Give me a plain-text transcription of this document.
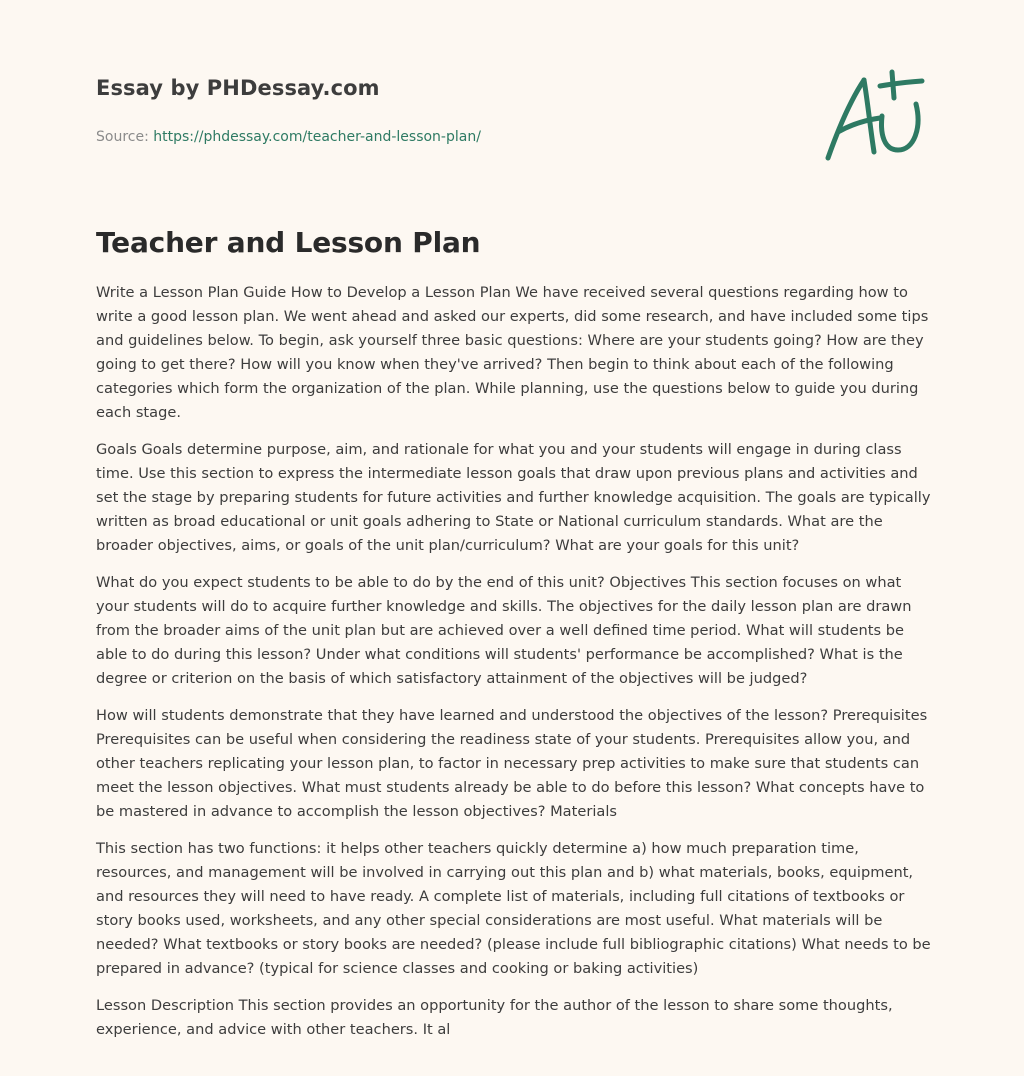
Essay by PHDessay.com
Source: https://phdessay.com/teacher-and-lesson-plan/
Teacher and Lesson Plan

Write a Lesson Plan Guide How to Develop a Lesson Plan We have received several questions regarding how to write a good lesson plan. We went ahead and asked our experts, did some research, and have included some tips and guidelines below. To begin, ask yourself three basic questions: Where are your students going? How are they going to get there? How will you know when they've arrived? Then begin to think about each of the following categories which form the organization of the plan. While planning, use the questions below to guide you during each stage.

Goals Goals determine purpose, aim, and rationale for what you and your students will engage in during class time. Use this section to express the intermediate lesson goals that draw upon previous plans and activities and set the stage by preparing students for future activities and further knowledge acquisition. The goals are typically written as broad educational or unit goals adhering to State or National curriculum standards. What are the broader objectives, aims, or goals of the unit plan/curriculum? What are your goals for this unit?

What do you expect students to be able to do by the end of this unit? Objectives This section focuses on what your students will do to acquire further knowledge and skills. The objectives for the daily lesson plan are drawn from the broader aims of the unit plan but are achieved over a well defined time period. What will students be able to do during this lesson? Under what conditions will students' performance be accomplished? What is the degree or criterion on the basis of which satisfactory attainment of the objectives will be judged?

How will students demonstrate that they have learned and understood the objectives of the lesson? Prerequisites Prerequisites can be useful when considering the readiness state of your students. Prerequisites allow you, and other teachers replicating your lesson plan, to factor in necessary prep activities to make sure that students can meet the lesson objectives. What must students already be able to do before this lesson? What concepts have to be mastered in advance to accomplish the lesson objectives? Materials

This section has two functions: it helps other teachers quickly determine a) how much preparation time, resources, and management will be involved in carrying out this plan and b) what materials, books, equipment, and resources they will need to have ready. A complete list of materials, including full citations of textbooks or story books used, worksheets, and any other special considerations are most useful. What materials will be needed? What textbooks or story books are needed? (please include full bibliographic citations) What needs to be prepared in advance? (typical for science classes and cooking or baking activities)

Lesson Description This section provides an opportunity for the author of the lesson to share some thoughts, experience, and advice with other teachers. It al
